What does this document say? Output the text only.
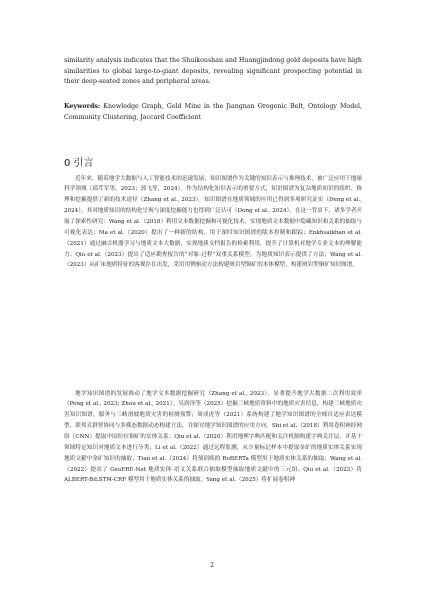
similarity analysis indicates that the Shuikoushan and Huangjindong gold deposits have high similarities to global large-to-giant deposits, revealing significant prospecting potential in their deep-seated zones and peripheral areas.

Keywords: Knowledge Graph, Gold Mine in the Jiangnan Orogenic Belt, Ontology Model, Community Clustering, Jaccard Coefficient

0 引言

近年来，随着地学大数据与人工智能技术的迅速发展，知识图谱作为关键的知识表示与推理技术，被广泛应用于地球科学领域（邱芹军等，2023；郭飞等，2024）。作为结构化知识表示的重要方式，知识图谱为复杂地质知识的组织、推理和挖掘提供了新的技术途径（Zhang et al., 2023）。知识图谱在地质领域的应用已得到多项研究证实（Deng et al., 2024），其对地质知识的结构化呈现与深度挖掘能力也得到广泛认可（Dong et al., 2024）。在这一背景下，诸多学者开展了探索性研究：Wang et al.（2018）利用文本数据挖掘和可视化技术，实现地质文本数据中隐藏知识和关系的抽取与可视化表达；Ma et al.（2020）提出了一种新的结构，用于深时知识图谱的版本控制和跟踪；Enkhsaikhan et al.（2021）通过融合机器学习与地质文本大数据，实现地质文档报告的检索利用，提升了计算机对地学专业文本的理解能力；Qiu et al.（2023）提出了适应勘查报告的“对象-过程”双重关系模型，为地质知识表示提供了方法；Wang et al.（2023）从矿床地质特征的客观存在出发，采用用例驱动方法构建斑岩型铜矿的本体模型，构建斑岩型铜矿知识图谱。

地学知识图谱的发展推动了地学文本数据挖掘研究（Zhang et al., 2023），显著提升地学大数据二次利用效率（Peng et al., 2023; Zhou et al., 2021）。吴润泽等（2025）挖掘三峡地质资料中的地质灾害信息，构建三峡地质灾害知识图谱，服务与三峡滑坡地质灾害的检测预警；周成虎等（2021）系统构建了地学知识图谱的全域自适应表达模型、联邦式群智协同与多模态数据动态构建方法，并探讨地学知识图谱的应用方向。Shi et al.（2018）利用卷积神经网络（CNN）提取中国拉拉铜矿的实体关系；Qiu et al.（2020）利用地理字典匹配和关注机制构建字典关注层，并基于领域特定知识对地质文本进行分类；Li et al.（2022）通过远程监测，从少量标记样本中提取金矿的地质实体关系实现地质文献中金矿知识的抽取；Tian et al.（2024）将预训练的 RoBERTa 模型用于地质实体关系的抽取；Wang et al.（2022）提出了 GeoERE-Net 地质实体-语义关系联合抽取模型抽取地质文献中的三元组；Qiu et al.（2023）将 ALBERT-BiLSTM-CRF 模型用于地质实体关系的抽取。Yang et al.（2025）将扩展卷积神

2
